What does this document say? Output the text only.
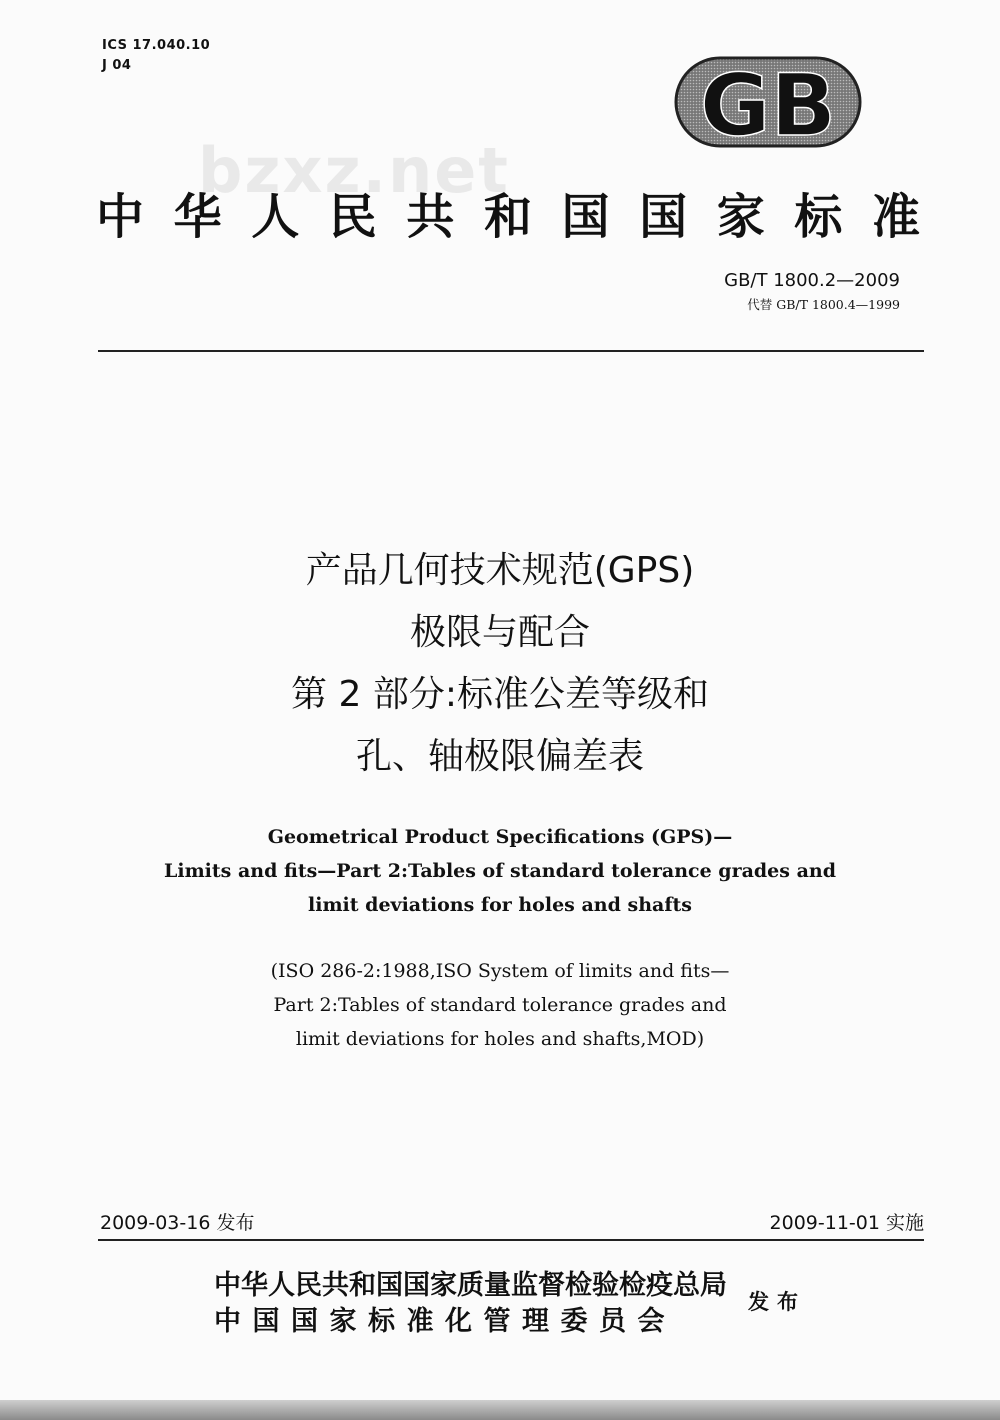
ICS 17.040.10
J 04	GB
bzxz.net
中华人民共和国国家标准
GB/T 1800.2—2009
代替 GB/T 1800.4—1999
产品几何技术规范(GPS)
极限与配合
第 2 部分:标准公差等级和
孔、轴极限偏差表
Geometrical Product Specifications (GPS)—
Limits and fits—Part 2:Tables of standard tolerance grades and
limit deviations for holes and shafts
(ISO 286-2:1988,ISO System of limits and fits—
Part 2:Tables of standard tolerance grades and
limit deviations for holes and shafts,MOD)
2009-03-16 发布	2009-11-01 实施
中华人民共和国国家质量监督检验检疫总局
中国国家标准化管理委员会
发布
